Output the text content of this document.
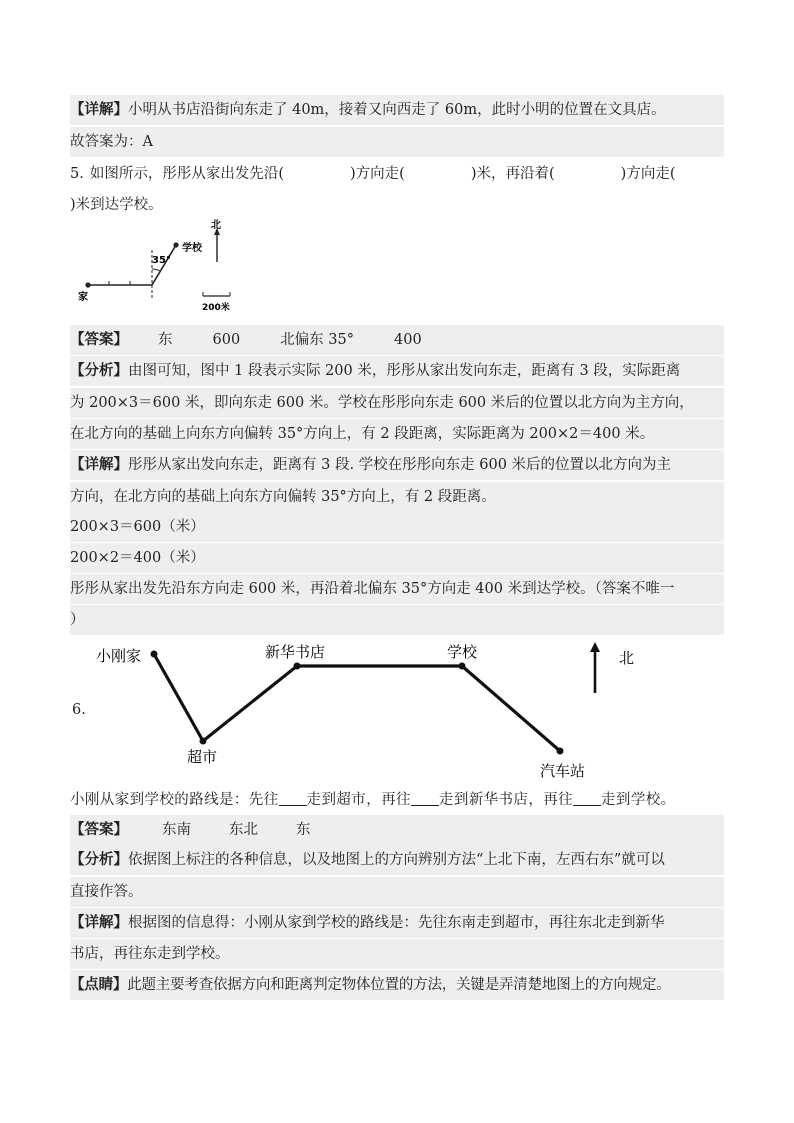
【详解】小明从书店沿街向东走了 40m，接着又向西走了 60m，此时小明的位置在文具店。
故答案为：A
5. 如图所示，彤彤从家出发先沿(	)方向走(	)米，再沿着(	)方向走(
)米到达学校。
35°
学校
家
北
200米
【答案】 东	600	北偏东 35°	400
【分析】由图可知，图中 1 段表示实际 200 米，彤彤从家出发向东走，距离有 3 段，实际距离
为 200×3＝600 米，即向东走 600 米。学校在彤彤向东走 600 米后的位置以北方向为主方向，
在北方向的基础上向东方向偏转 35°方向上，有 2 段距离，实际距离为 200×2＝400 米。
【详解】彤彤从家出发向东走，距离有 3 段. 学校在彤彤向东走 600 米后的位置以北方向为主
方向，在北方向的基础上向东方向偏转 35°方向上，有 2 段距离。
200×3＝600（米）
200×2＝400（米）
彤彤从家出发先沿东方向走 600 米，再沿着北偏东 35°方向走 400 米到达学校。（答案不唯一
）
6.
小刚家
超市
新华书店	学校
汽车站
北
小刚从家到学校的路线是：先往 走到超市，再往 走到新华书店，再往 走到学校。
【答案】 东南	东北	东
【分析】依据图上标注的各种信息，以及地图上的方向辨别方法“上北下南，左西右东”就可以
直接作答。
【详解】根据图的信息得：小刚从家到学校的路线是：先往东南走到超市，再往东北走到新华
书店，再往东走到学校。
【点睛】此题主要考查依据方向和距离判定物体位置的方法，关键是弄清楚地图上的方向规定。
